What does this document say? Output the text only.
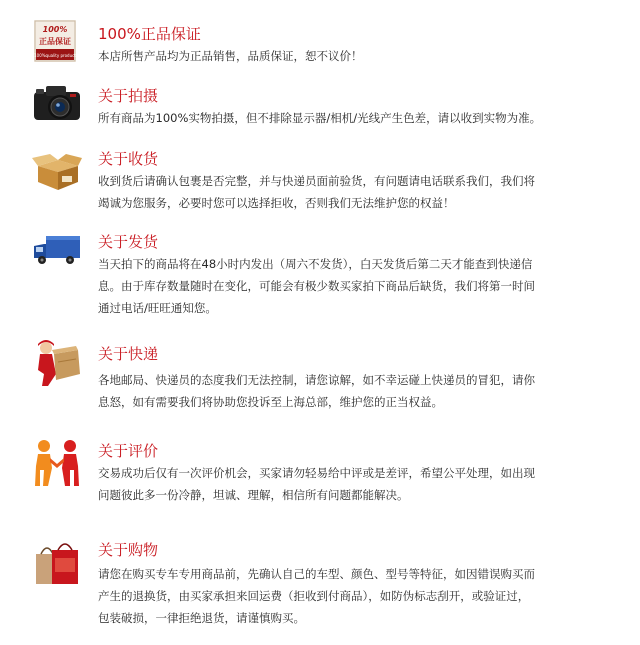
100%
正品保证
100%quality product
100%正品保证
本店所售产品均为正品销售，品质保证，恕不议价！
关于拍摄
所有商品为100%实物拍摄，但不排除显示器/相机/光线产生色差，请以收到实物为准。
关于收货
收到货后请确认包裹是否完整，并与快递员面前验货，有问题请电话联系我们，我们将
竭诚为您服务，必要时您可以选择拒收，否则我们无法维护您的权益！
关于发货
当天拍下的商品将在48小时内发出（周六不发货），白天发货后第二天才能查到快递信
息。由于库存数量随时在变化，可能会有极少数买家拍下商品后缺货，我们将第一时间
通过电话/旺旺通知您。
关于快递
各地邮局、快递员的态度我们无法控制，请您谅解，如不幸运碰上快递员的冒犯，请你
息怒，如有需要我们将协助您投诉至上海总部，维护您的正当权益。
关于评价
交易成功后仅有一次评价机会，买家请勿轻易给中评或是差评，希望公平处理，如出现
问题彼此多一份冷静，坦诚、理解，相信所有问题都能解决。
关于购物
请您在购买专车专用商品前，先确认自己的车型、颜色、型号等特征，如因错误购买而
产生的退换货，由买家承担来回运费（拒收到付商品），如防伪标志刮开，或验证过，
包装破损，一律拒绝退货，请谨慎购买。
